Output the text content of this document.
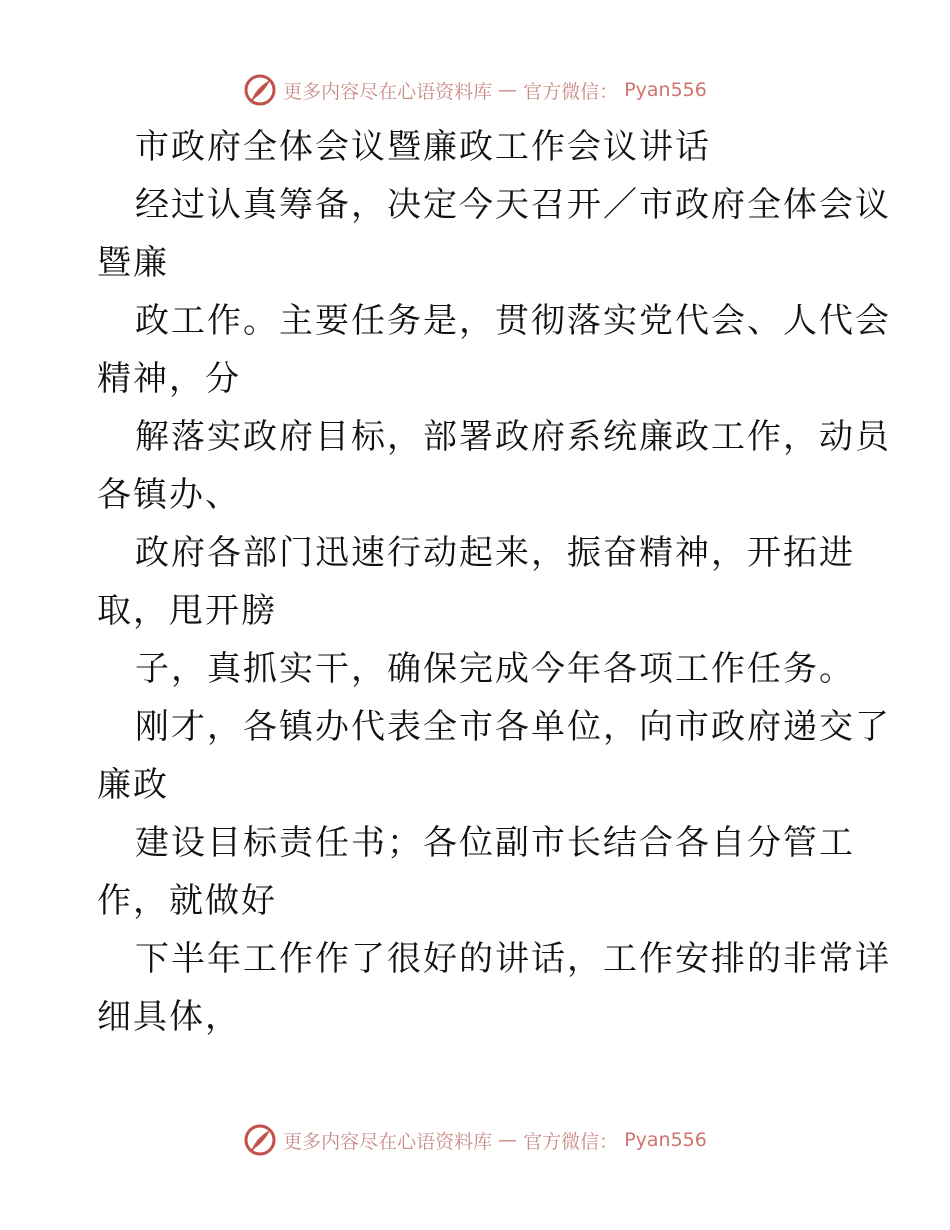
更多内容尽在心语资料库 — 官方微信： Pyan556
市政府全体会议暨廉政工作会议讲话
经过认真筹备，决定今天召开／市政府全体会议
暨廉
政工作。主要任务是，贯彻落实党代会、人代会
精神，分
解落实政府目标，部署政府系统廉政工作，动员
各镇办、
政府各部门迅速行动起来，振奋精神，开拓进
取，甩开膀
子，真抓实干，确保完成今年各项工作任务。
刚才，各镇办代表全市各单位，向市政府递交了
廉政
建设目标责任书；各位副市长结合各自分管工
作，就做好
下半年工作作了很好的讲话，工作安排的非常详
细具体，
更多内容尽在心语资料库 — 官方微信： Pyan556
